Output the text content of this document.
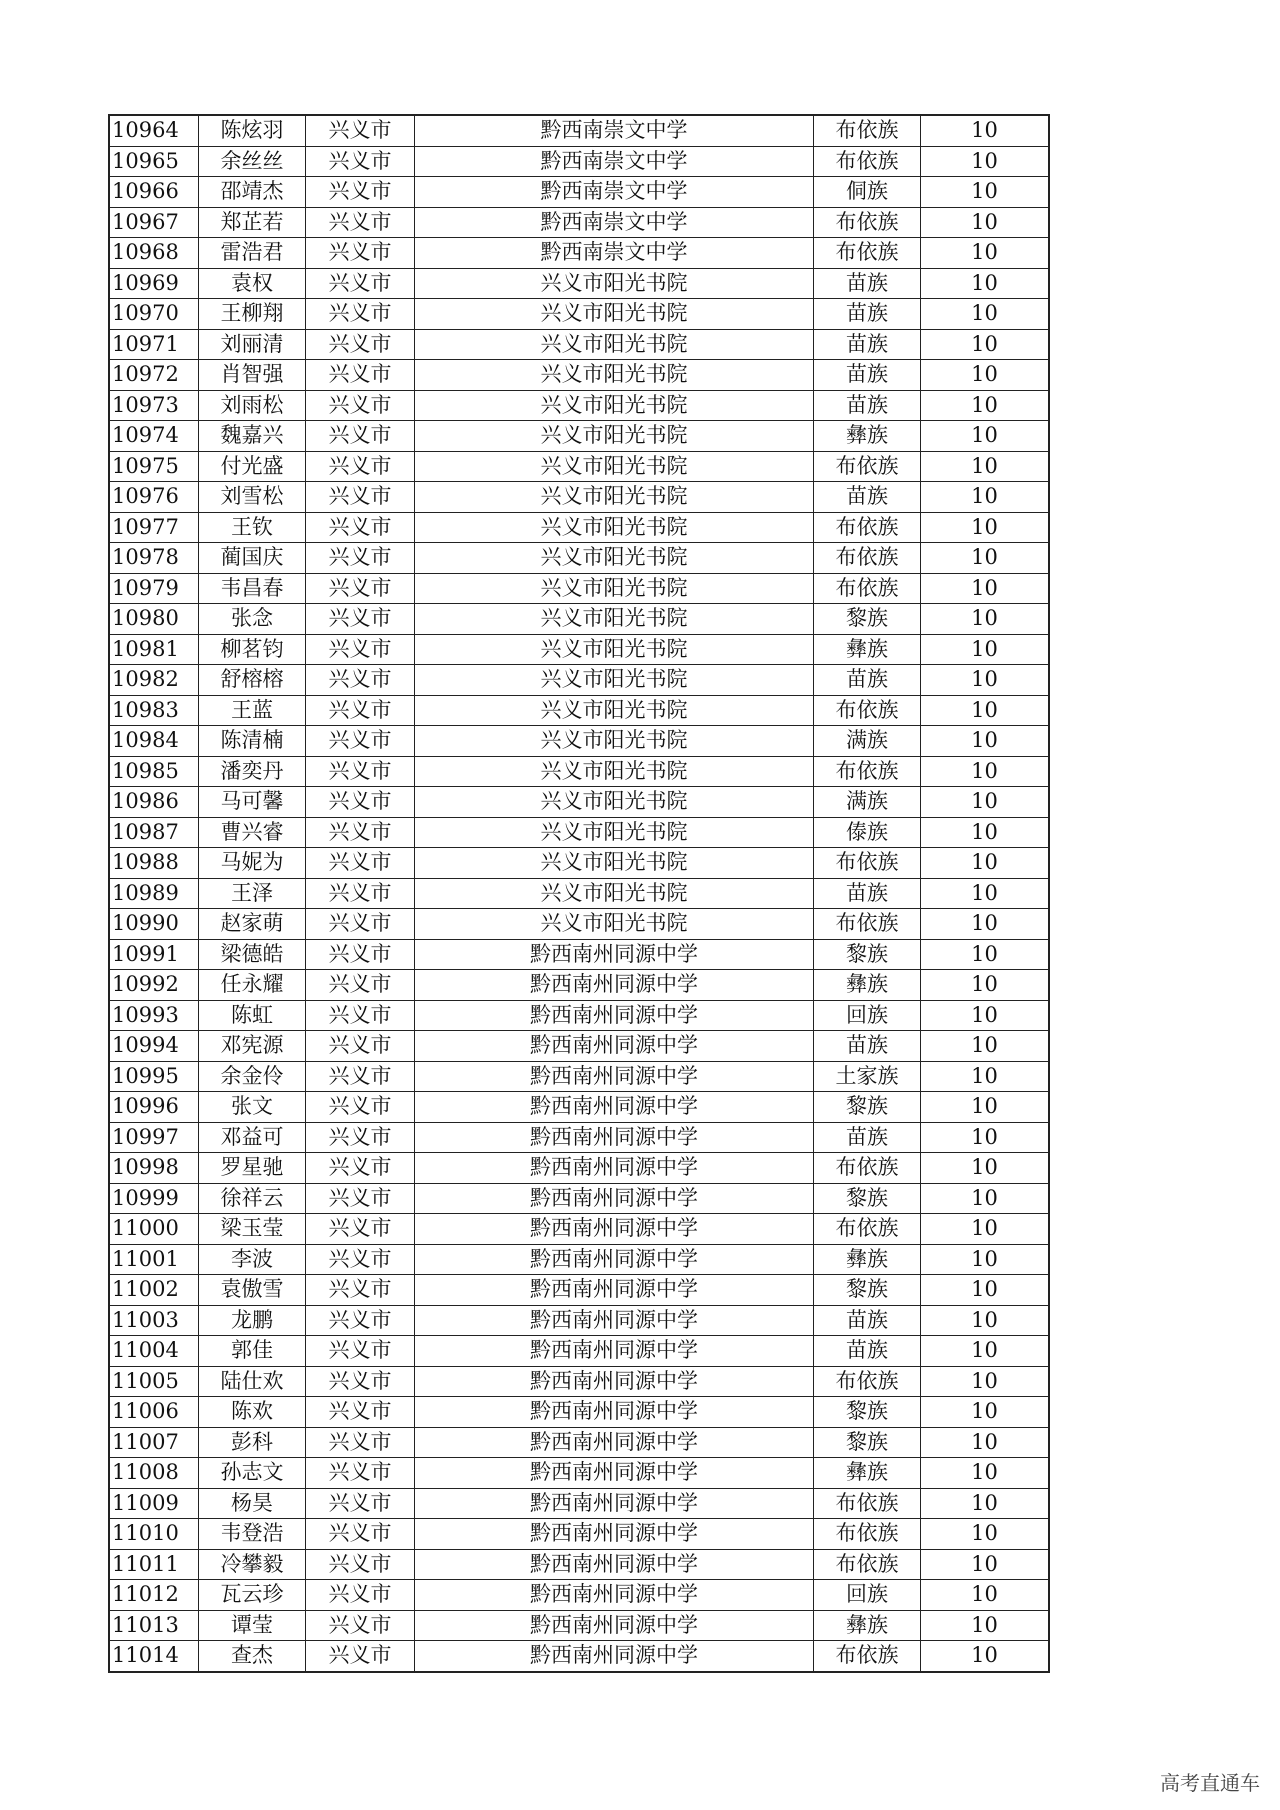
10964	陈炫羽	兴义市	黔西南崇文中学	布依族	10
10965	余丝丝	兴义市	黔西南崇文中学	布依族	10
10966	邵靖杰	兴义市	黔西南崇文中学	侗族	10
10967	郑芷若	兴义市	黔西南崇文中学	布依族	10
10968	雷浩君	兴义市	黔西南崇文中学	布依族	10
10969	袁权	兴义市	兴义市阳光书院	苗族	10
10970	王柳翔	兴义市	兴义市阳光书院	苗族	10
10971	刘丽清	兴义市	兴义市阳光书院	苗族	10
10972	肖智强	兴义市	兴义市阳光书院	苗族	10
10973	刘雨松	兴义市	兴义市阳光书院	苗族	10
10974	魏嘉兴	兴义市	兴义市阳光书院	彝族	10
10975	付光盛	兴义市	兴义市阳光书院	布依族	10
10976	刘雪松	兴义市	兴义市阳光书院	苗族	10
10977	王钦	兴义市	兴义市阳光书院	布依族	10
10978	蔺国庆	兴义市	兴义市阳光书院	布依族	10
10979	韦昌春	兴义市	兴义市阳光书院	布依族	10
10980	张念	兴义市	兴义市阳光书院	黎族	10
10981	柳茗钧	兴义市	兴义市阳光书院	彝族	10
10982	舒榕榕	兴义市	兴义市阳光书院	苗族	10
10983	王蓝	兴义市	兴义市阳光书院	布依族	10
10984	陈清楠	兴义市	兴义市阳光书院	满族	10
10985	潘奕丹	兴义市	兴义市阳光书院	布依族	10
10986	马可馨	兴义市	兴义市阳光书院	满族	10
10987	曹兴睿	兴义市	兴义市阳光书院	傣族	10
10988	马妮为	兴义市	兴义市阳光书院	布依族	10
10989	王泽	兴义市	兴义市阳光书院	苗族	10
10990	赵家萌	兴义市	兴义市阳光书院	布依族	10
10991	梁德皓	兴义市	黔西南州同源中学	黎族	10
10992	任永耀	兴义市	黔西南州同源中学	彝族	10
10993	陈虹	兴义市	黔西南州同源中学	回族	10
10994	邓宪源	兴义市	黔西南州同源中学	苗族	10
10995	余金伶	兴义市	黔西南州同源中学	土家族	10
10996	张文	兴义市	黔西南州同源中学	黎族	10
10997	邓益可	兴义市	黔西南州同源中学	苗族	10
10998	罗星驰	兴义市	黔西南州同源中学	布依族	10
10999	徐祥云	兴义市	黔西南州同源中学	黎族	10
11000	梁玉莹	兴义市	黔西南州同源中学	布依族	10
11001	李波	兴义市	黔西南州同源中学	彝族	10
11002	袁傲雪	兴义市	黔西南州同源中学	黎族	10
11003	龙鹏	兴义市	黔西南州同源中学	苗族	10
11004	郭佳	兴义市	黔西南州同源中学	苗族	10
11005	陆仕欢	兴义市	黔西南州同源中学	布依族	10
11006	陈欢	兴义市	黔西南州同源中学	黎族	10
11007	彭科	兴义市	黔西南州同源中学	黎族	10
11008	孙志文	兴义市	黔西南州同源中学	彝族	10
11009	杨昊	兴义市	黔西南州同源中学	布依族	10
11010	韦登浩	兴义市	黔西南州同源中学	布依族	10
11011	冷攀毅	兴义市	黔西南州同源中学	布依族	10
11012	瓦云珍	兴义市	黔西南州同源中学	回族	10
11013	谭莹	兴义市	黔西南州同源中学	彝族	10
11014	查杰	兴义市	黔西南州同源中学	布依族	10
高考直通车
